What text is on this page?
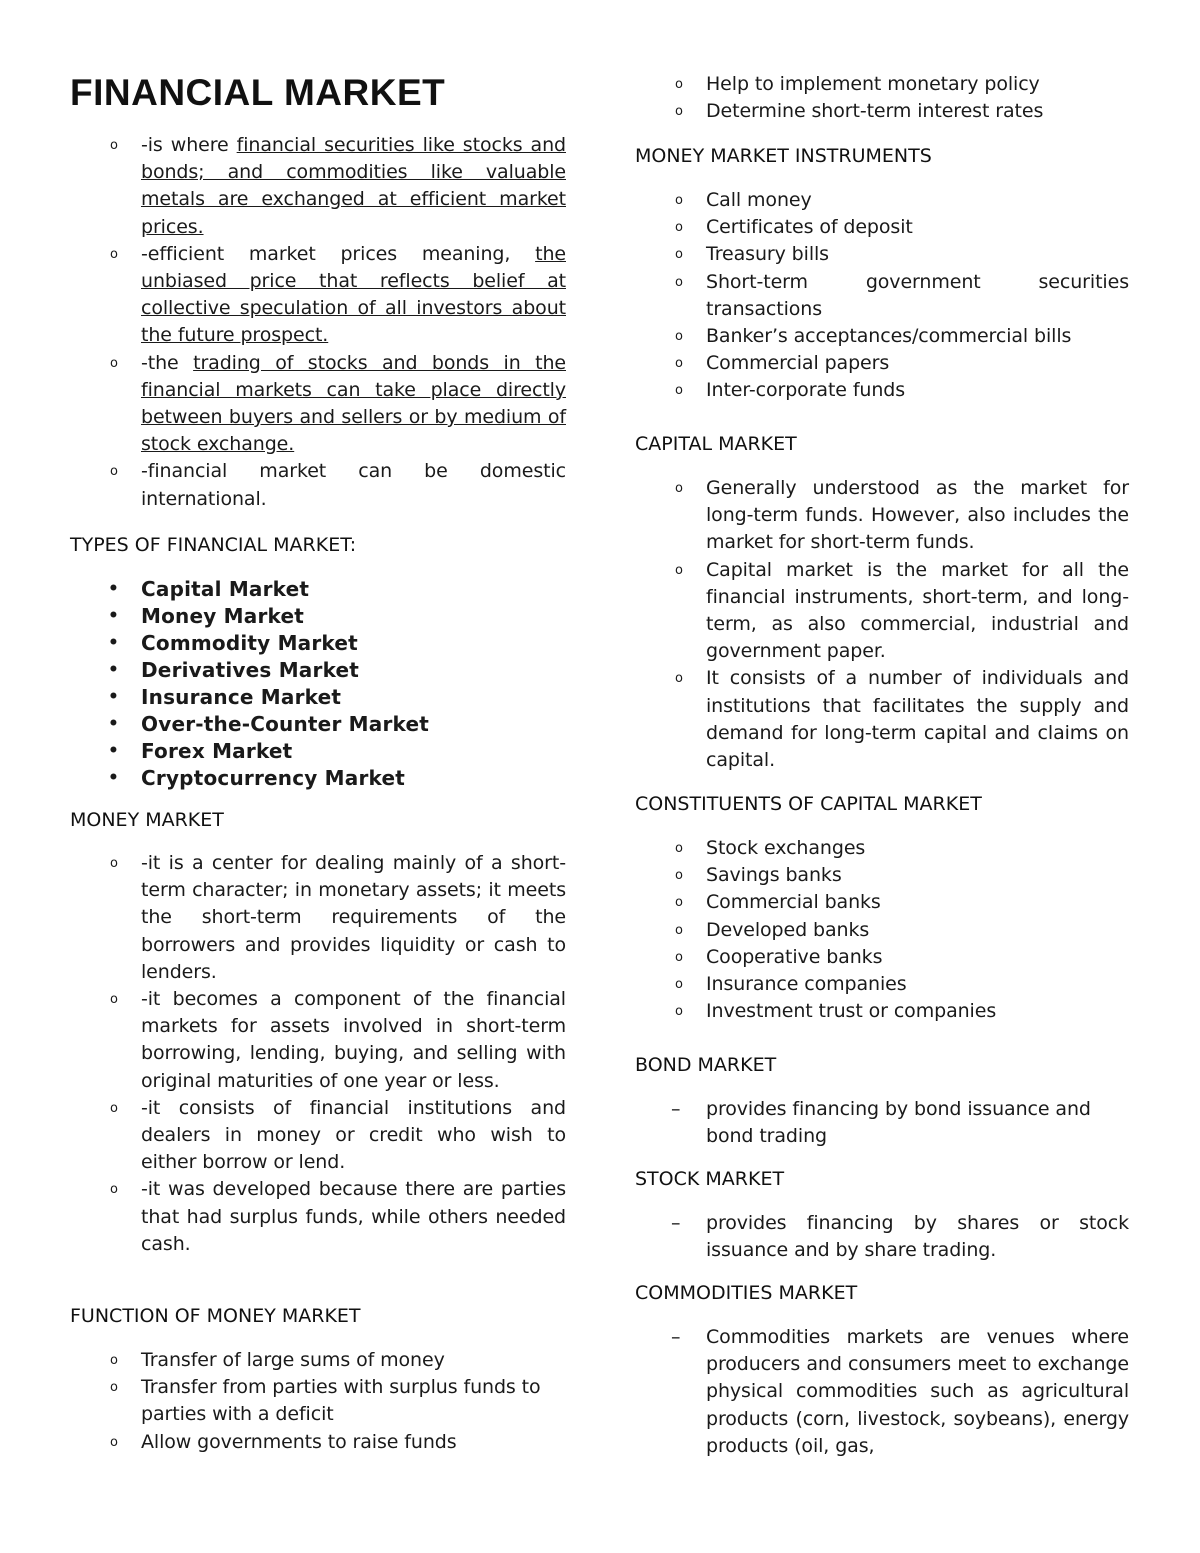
FINANCIAL MARKET
o -is where financial securities like stocks and bonds; and commodities like valuable metals are exchanged at efficient market prices.
o -efficient market prices meaning, the unbiased price that reflects belief at collective speculation of all investors about the future prospect.
o -the trading of stocks and bonds in the financial markets can take place directly between buyers and sellers or by medium of stock exchange.
o -financial market can be domestic international.
TYPES OF FINANCIAL MARKET:
• Capital Market
• Money Market
• Commodity Market
• Derivatives Market
• Insurance Market
• Over-the-Counter Market
• Forex Market
• Cryptocurrency Market
MONEY MARKET
o -it is a center for dealing mainly of a short-term character; in monetary assets; it meets the short-term requirements of the borrowers and provides liquidity or cash to lenders.
o -it becomes a component of the financial markets for assets involved in short-term borrowing, lending, buying, and selling with original maturities of one year or less.
o -it consists of financial institutions and dealers in money or credit who wish to either borrow or lend.
o -it was developed because there are parties that had surplus funds, while others needed cash.
FUNCTION OF MONEY MARKET
o Transfer of large sums of money
o Transfer from parties with surplus funds to parties with a deficit
o Allow governments to raise funds
o Help to implement monetary policy
o Determine short-term interest rates
MONEY MARKET INSTRUMENTS
o Call money
o Certificates of deposit
o Treasury bills
o Short-term government securities transactions
o Banker’s acceptances/commercial bills
o Commercial papers
o Inter-corporate funds
CAPITAL MARKET
o Generally understood as the market for long-term funds. However, also includes the market for short-term funds.
o Capital market is the market for all the financial instruments, short-term, and long-term, as also commercial, industrial and government paper.
o It consists of a number of individuals and institutions that facilitates the supply and demand for long-term capital and claims on capital.
CONSTITUENTS OF CAPITAL MARKET
o Stock exchanges
o Savings banks
o Commercial banks
o Developed banks
o Cooperative banks
o Insurance companies
o Investment trust or companies
BOND MARKET
– provides financing by bond issuance and bond trading
STOCK MARKET
– provides financing by shares or stock issuance and by share trading.
COMMODITIES MARKET
– Commodities markets are venues where producers and consumers meet to exchange physical commodities such as agricultural products (corn, livestock, soybeans), energy products (oil, gas,
